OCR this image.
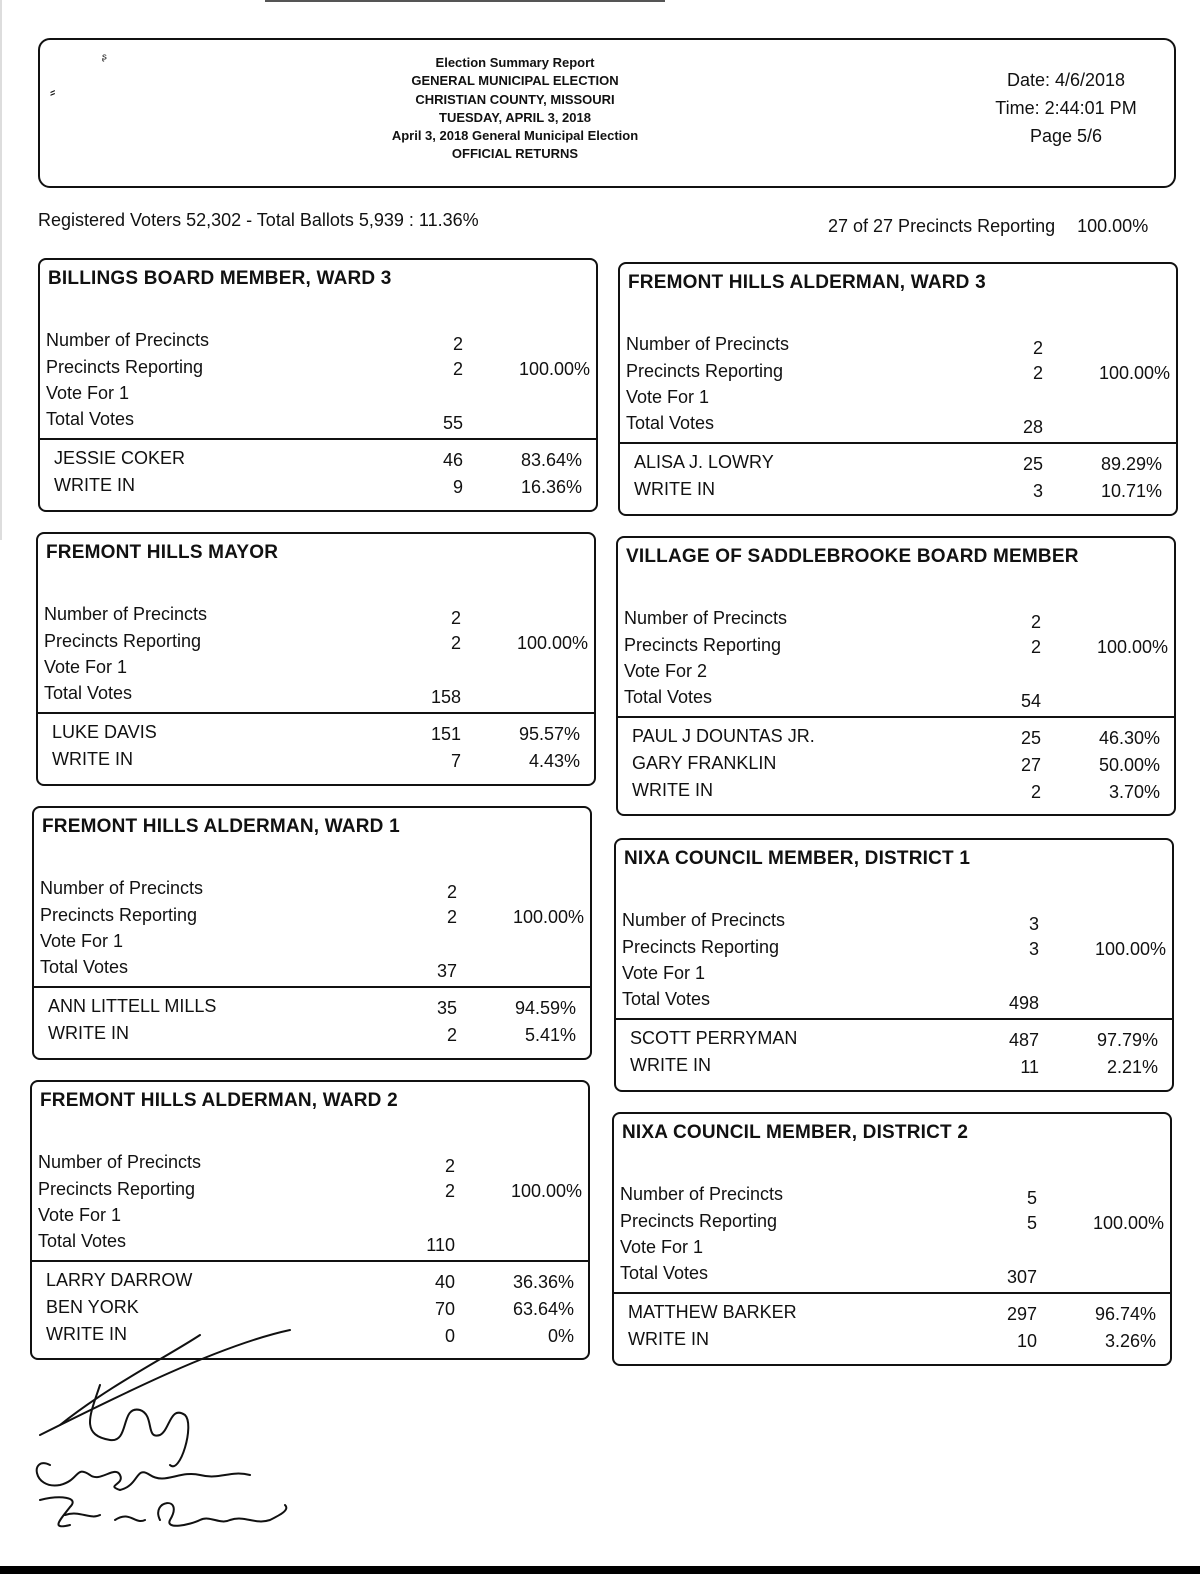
ᶳ
⸗
Election Summary Report
GENERAL MUNICIPAL ELECTION
CHRISTIAN COUNTY, MISSOURI
TUESDAY, APRIL 3, 2018
April 3, 2018 General Municipal Election
OFFICIAL RETURNS
Date: 4/6/2018
Time: 2:44:01 PM
Page 5/6
Registered Voters 52,302 - Total Ballots 5,939 : 11.36%	27 of 27 Precincts Reporting 100.00%
BILLINGS BOARD MEMBER, WARD 3
Number of Precincts	2
Precincts Reporting	2	100.00%
Vote For 1
Total Votes	55
JESSIE COKER	46	83.64%
WRITE IN	9	16.36%
FREMONT HILLS MAYOR
Number of Precincts	2
Precincts Reporting	2	100.00%
Vote For 1
Total Votes	158
LUKE DAVIS	151	95.57%
WRITE IN	7	4.43%
FREMONT HILLS ALDERMAN, WARD 1
Number of Precincts	2
Precincts Reporting	2	100.00%
Vote For 1
Total Votes	37
ANN LITTELL MILLS	35	94.59%
WRITE IN	2	5.41%
FREMONT HILLS ALDERMAN, WARD 2
Number of Precincts	2
Precincts Reporting	2	100.00%
Vote For 1
Total Votes	110
LARRY DARROW	40	36.36%
BEN YORK	70	63.64%
WRITE IN	0	0%
FREMONT HILLS ALDERMAN, WARD 3
Number of Precincts	2
Precincts Reporting	2	100.00%
Vote For 1
Total Votes	28
ALISA J. LOWRY	25	89.29%
WRITE IN	3	10.71%
VILLAGE OF SADDLEBROOKE BOARD MEMBER
Number of Precincts	2
Precincts Reporting	2	100.00%
Vote For 2
Total Votes	54
PAUL J DOUNTAS JR.	25	46.30%
GARY FRANKLIN	27	50.00%
WRITE IN	2	3.70%
NIXA COUNCIL MEMBER, DISTRICT 1
Number of Precincts	3
Precincts Reporting	3	100.00%
Vote For 1
Total Votes	498
SCOTT PERRYMAN	487	97.79%
WRITE IN	11	2.21%
NIXA COUNCIL MEMBER, DISTRICT 2
Number of Precincts	5
Precincts Reporting	5	100.00%
Vote For 1
Total Votes	307
MATTHEW BARKER	297	96.74%
WRITE IN	10	3.26%
